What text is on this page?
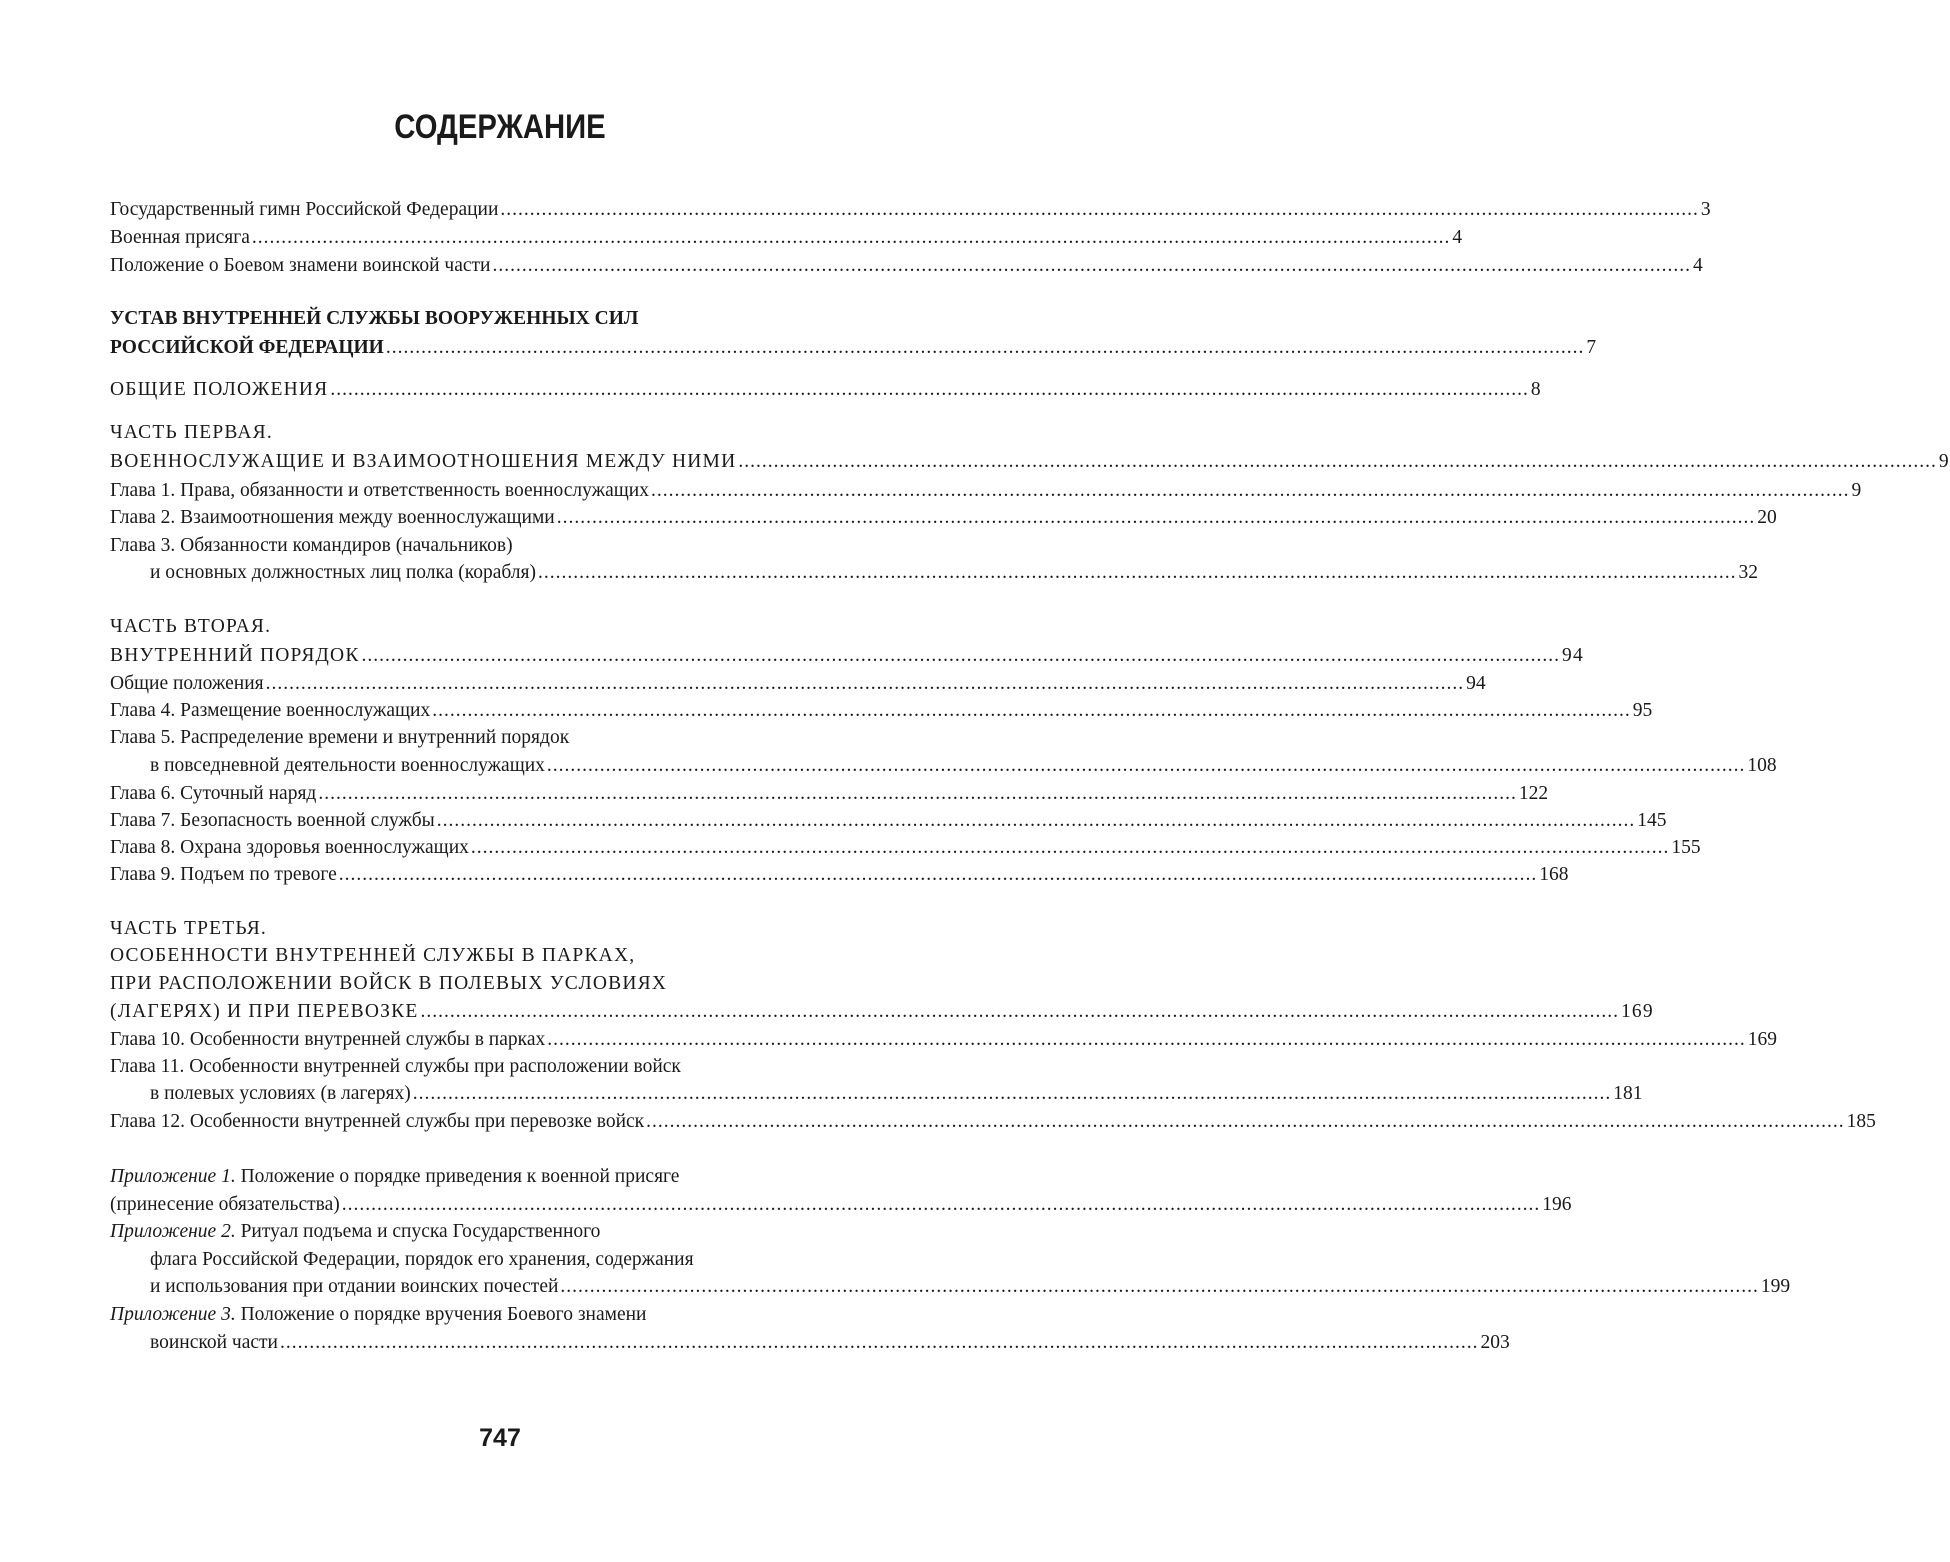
СОДЕРЖАНИЕ
Государственный гимн Российской Федерации ............................................................................................................................................................................................................ 3
Военная присяга ............................................................................................................................................................................................................ 4
Положение о Боевом знамени воинской части ............................................................................................................................................................................................................ 4
УСТАВ ВНУТРЕННЕЙ СЛУЖБЫ ВООРУЖЕННЫХ СИЛ
РОССИЙСКОЙ ФЕДЕРАЦИИ ............................................................................................................................................................................................................ 7
ОБЩИЕ ПОЛОЖЕНИЯ ............................................................................................................................................................................................................ 8
ЧАСТЬ ПЕРВАЯ.
ВОЕННОСЛУЖАЩИЕ И ВЗАИМООТНОШЕНИЯ МЕЖДУ НИМИ ............................................................................................................................................................................................................ 9
Глава 1. Права, обязанности и ответственность военнослужащих ............................................................................................................................................................................................................ 9
Глава 2. Взаимоотношения между военнослужащими ............................................................................................................................................................................................................ 20
Глава 3. Обязанности командиров (начальников)
и основных должностных лиц полка (корабля) ............................................................................................................................................................................................................ 32
ЧАСТЬ ВТОРАЯ.
ВНУТРЕННИЙ ПОРЯДОК ............................................................................................................................................................................................................ 94
Общие положения ............................................................................................................................................................................................................ 94
Глава 4. Размещение военнослужащих ............................................................................................................................................................................................................ 95
Глава 5. Распределение времени и внутренний порядок
в повседневной деятельности военнослужащих ............................................................................................................................................................................................................ 108
Глава 6. Суточный наряд ............................................................................................................................................................................................................ 122
Глава 7. Безопасность военной службы ............................................................................................................................................................................................................ 145
Глава 8. Охрана здоровья военнослужащих ............................................................................................................................................................................................................ 155
Глава 9. Подъем по тревоге ............................................................................................................................................................................................................ 168
ЧАСТЬ ТРЕТЬЯ.
ОСОБЕННОСТИ ВНУТРЕННЕЙ СЛУЖБЫ В ПАРКАХ,
ПРИ РАСПОЛОЖЕНИИ ВОЙСК В ПОЛЕВЫХ УСЛОВИЯХ
(ЛАГЕРЯХ) И ПРИ ПЕРЕВОЗКЕ ............................................................................................................................................................................................................ 169
Глава 10. Особенности внутренней службы в парках ............................................................................................................................................................................................................ 169
Глава 11. Особенности внутренней службы при расположении войск
в полевых условиях (в лагерях) ............................................................................................................................................................................................................ 181
Глава 12. Особенности внутренней службы при перевозке войск ............................................................................................................................................................................................................ 185
Приложение 1. Положение о порядке приведения к военной присяге
(принесение обязательства) ............................................................................................................................................................................................................ 196
Приложение 2. Ритуал подъема и спуска Государственного
флага Российской Федерации, порядок его хранения, содержания
и использования при отдании воинских почестей ............................................................................................................................................................................................................ 199
Приложение 3. Положение о порядке вручения Боевого знамени
воинской части ............................................................................................................................................................................................................ 203
747
